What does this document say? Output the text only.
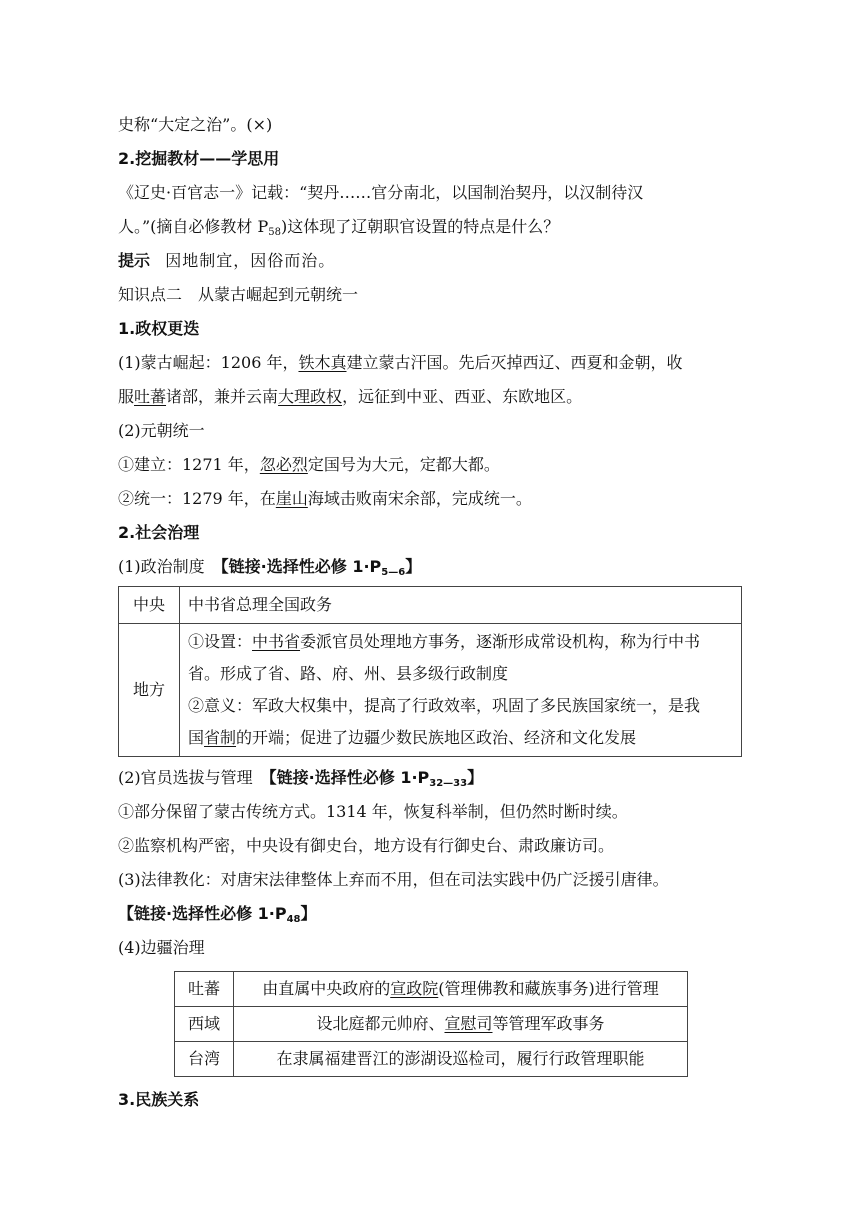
史称“大定之治”。(×)
2.挖掘教材——学思用
《辽史·百官志一》记载：“契丹……官分南北，以国制治契丹，以汉制待汉
人。”(摘自必修教材 $P_{58}$)这体现了辽朝职官设置的特点是什么？
提示 因地制宜，因俗而治。
知识点二　从蒙古崛起到元朝统一
1.政权更迭
(1)蒙古崛起：1206 年，铁木真建立蒙古汗国。先后灭掉西辽、西夏和金朝，收
服吐蕃诸部，兼并云南大理政权，远征到中亚、西亚、东欧地区。
(2)元朝统一
①建立：1271 年，忽必烈定国号为大元，定都大都。
②统一：1279 年，在崖山海域击败南宋余部，完成统一。
2.社会治理
(1)政治制度　【链接·选择性必修 $1\cdot P_{5—6}$】
中央	中书省总理全国政务
地方	①设置：中书省委派官员处理地方事务，逐渐形成常设机构，称为行中书
省。形成了省、路、府、州、县多级行政制度
②意义：军政大权集中，提高了行政效率，巩固了多民族国家统一，是我
国省制的开端；促进了边疆少数民族地区政治、经济和文化发展
(2)官员选拔与管理　【链接·选择性必修 $1\cdot P_{32—33}$】
①部分保留了蒙古传统方式。1314 年，恢复科举制，但仍然时断时续。
②监察机构严密，中央设有御史台，地方设有行御史台、肃政廉访司。
(3)法律教化：对唐宋法律整体上弃而不用，但在司法实践中仍广泛援引唐律。
【链接·选择性必修 $1\cdot P_{48}$】
(4)边疆治理
吐蕃	由直属中央政府的宣政院(管理佛教和藏族事务)进行管理
西域	设北庭都元帅府、宣慰司等管理军政事务
台湾	在隶属福建晋江的澎湖设巡检司，履行行政管理职能
3.民族关系
